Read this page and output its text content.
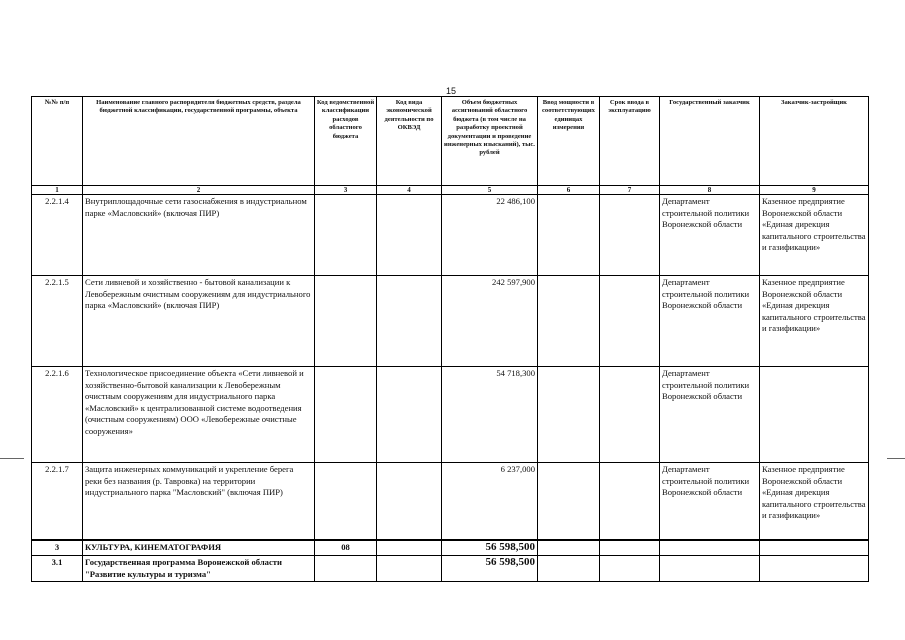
15
№№ п/п	Наименование главного распорядителя бюджетных средств, раздела бюджетной классификации, государственной программы, объекта	Код ведомственной классификации расходов областного бюджета	Код вида экономической деятельности по ОКВЭД	Объем бюджетных ассигнований областного бюджета (в том числе на разработку проектной документации и проведение инженерных изысканий), тыс. рублей	Ввод мощности в соответствующих единицах измерения	Срок ввода в эксплуатацию	Государственный заказчик	Заказчик-застройщик
1	2	3	4	5	6	7	8	9
2.2.1.4	Внутриплощадочные сети газоснабжения в индустриальном парке «Масловский» (включая ПИР)			22 486,100			Департамент строительной политики Воронежской области	Казенное предприятие Воронежской области «Единая дирекция капитального строительства и газификации»
2.2.1.5	Сети ливневой и хозяйственно - бытовой канализации к Левобережным очистным сооружениям для индустриального парка «Масловский» (включая ПИР)			242 597,900			Департамент строительной политики Воронежской области	Казенное предприятие Воронежской области «Единая дирекция капитального строительства и газификации»
2.2.1.6	Технологическое присоединение объекта «Сети ливневой и хозяйственно-бытовой канализации к Левобережным очистным сооружениям для индустриального парка «Масловский» к централизованной системе водоотведения (очистным сооружениям) ООО «Левобережные очистные сооружения»			54 718,300			Департамент строительной политики Воронежской области	
2.2.1.7	Защита инженерных коммуникаций и укрепление берега реки без названия (р. Тавровка) на территории индустриального парка "Масловский" (включая ПИР)			6 237,000			Департамент строительной политики Воронежской области	Казенное предприятие Воронежской области «Единая дирекция капитального строительства и газификации»
3	КУЛЬТУРА, КИНЕМАТОГРАФИЯ	08		56 598,500				
3.1	Государственная программа Воронежской области "Развитие культуры и туризма"			56 598,500				
